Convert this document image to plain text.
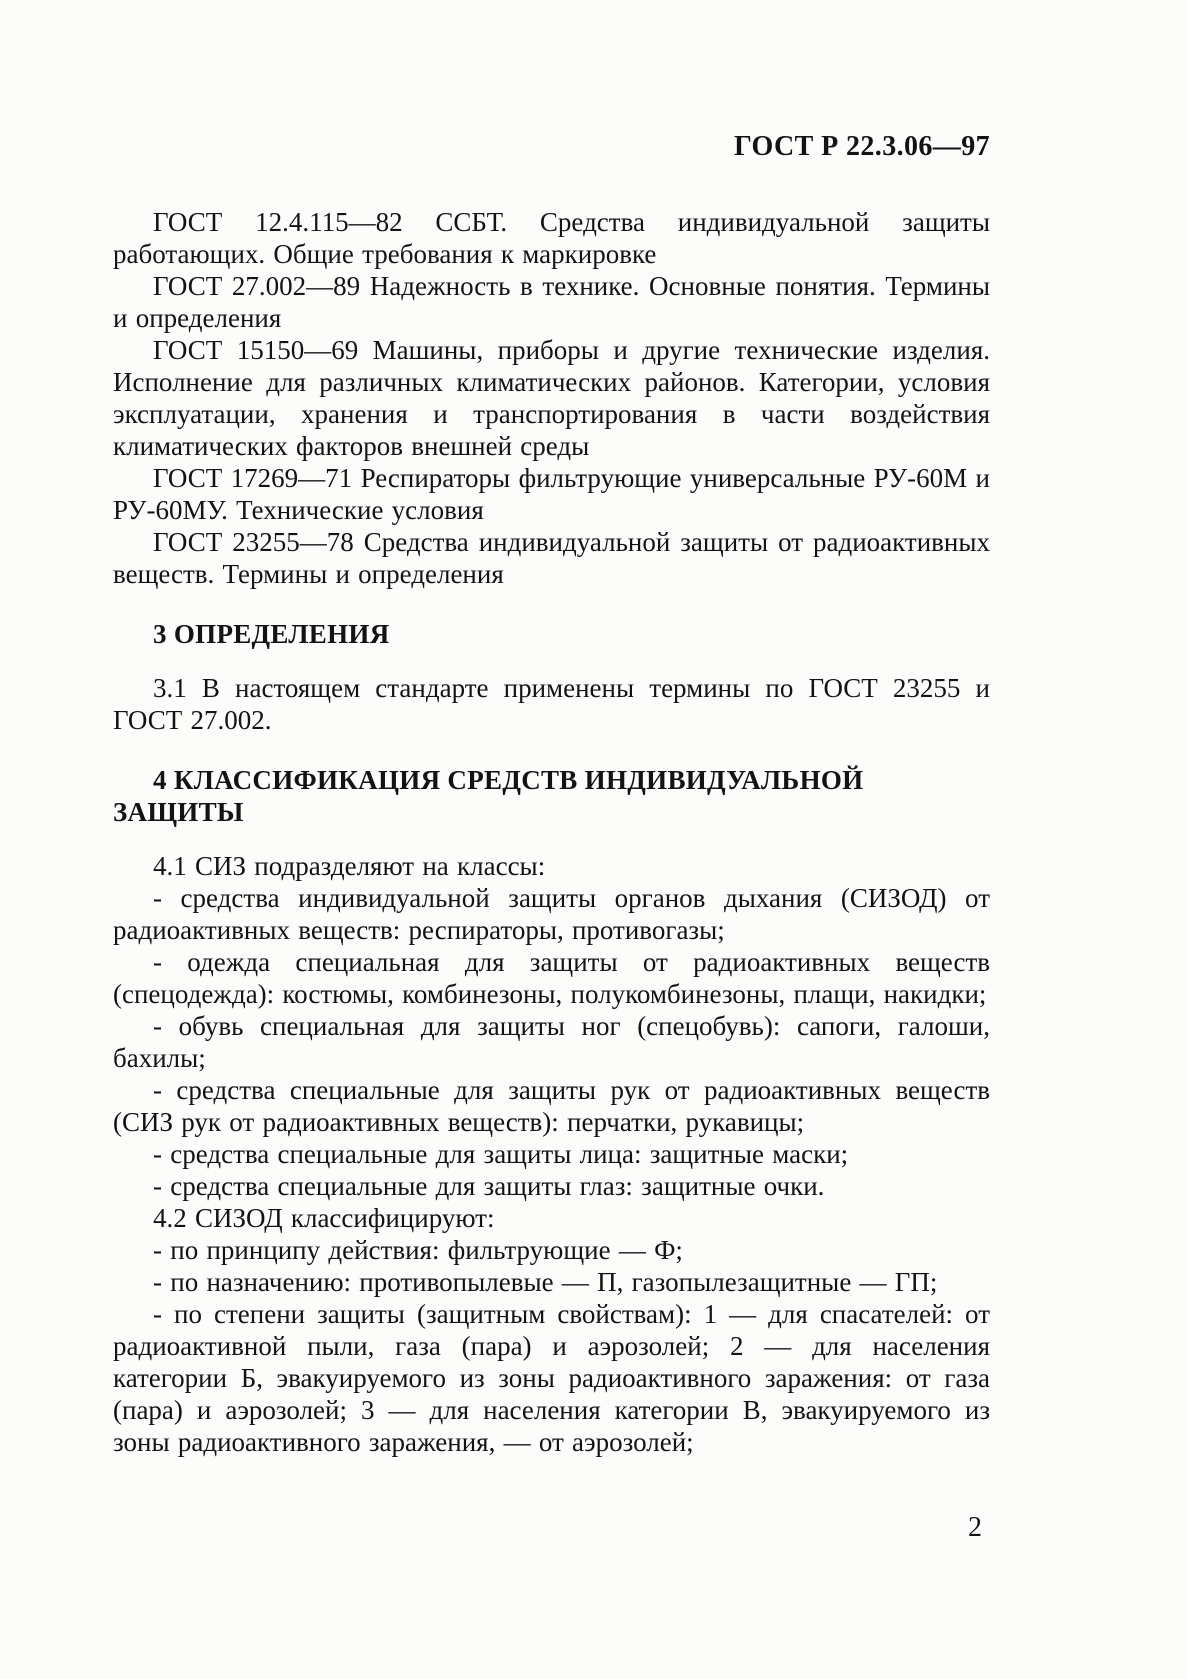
ГОСТ Р 22.3.06—97

ГОСТ 12.4.115—82 ССБТ. Средства индивидуальной защиты работающих. Общие требования к маркировке

ГОСТ 27.002—89 Надежность в технике. Основные понятия. Термины и определения

ГОСТ 15150—69 Машины, приборы и другие технические изделия. Исполнение для различных климатических районов. Категории, условия эксплуатации, хранения и транспортирования в части воздействия климатических факторов внешней среды

ГОСТ 17269—71 Респираторы фильтрующие универсальные РУ-60М и РУ-60МУ. Технические условия

ГОСТ 23255—78 Средства индивидуальной защиты от радиоактивных веществ. Термины и определения

3 ОПРЕДЕЛЕНИЯ

3.1 В настоящем стандарте применены термины по ГОСТ 23255 и ГОСТ 27.002.

4 КЛАССИФИКАЦИЯ СРЕДСТВ ИНДИВИДУАЛЬНОЙ ЗАЩИТЫ

4.1 СИЗ подразделяют на классы:

- средства индивидуальной защиты органов дыхания (СИЗОД) от радиоактивных веществ: респираторы, противогазы;

- одежда специальная для защиты от радиоактивных веществ (спецодежда): костюмы, комбинезоны, полукомбинезоны, плащи, накидки;

- обувь специальная для защиты ног (спецобувь): сапоги, галоши, бахилы;

- средства специальные для защиты рук от радиоактивных веществ (СИЗ рук от радиоактивных веществ): перчатки, рукавицы;

- средства специальные для защиты лица: защитные маски;

- средства специальные для защиты глаз: защитные очки.

4.2 СИЗОД классифицируют:

- по принципу действия: фильтрующие — Ф;

- по назначению: противопылевые — П, газопылезащитные — ГП;

- по степени защиты (защитным свойствам): 1 — для спасателей: от радиоактивной пыли, газа (пара) и аэрозолей; 2 — для населения категории Б, эвакуируемого из зоны радиоактивного заражения: от газа (пара) и аэрозолей; 3 — для населения категории В, эвакуируемого из зоны радиоактивного заражения, — от аэрозолей;

2
